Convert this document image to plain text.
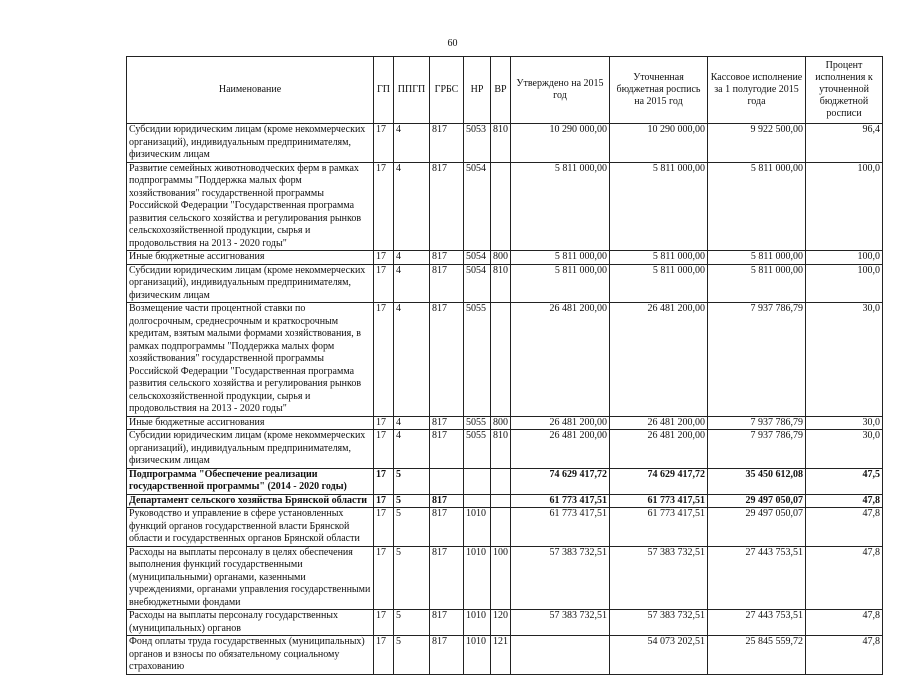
60
Наименование	ГП	ППГП	ГРБС	НР	ВР	Утверждено на 2015 год	Уточненная бюджетная роспись на 2015 год	Кассовое исполнение за 1 полугодие 2015 года	Процент исполнения к уточненной бюджетной росписи
Субсидии юридическим лицам (кроме некоммерческих организаций), индивидуальным предпринимателям, физическим лицам	17	4	817	5053	810	10 290 000,00	10 290 000,00	9 922 500,00	96,4
Развитие семейных животноводческих ферм в рамках подпрограммы "Поддержка малых форм хозяйствования" государственной программы Российской Федерации "Государственная программа развития сельского хозяйства и регулирования рынков сельскохозяйственной продукции, сырья и продовольствия на 2013 - 2020 годы"	17	4	817	5054		5 811 000,00	5 811 000,00	5 811 000,00	100,0
Иные бюджетные ассигнования	17	4	817	5054	800	5 811 000,00	5 811 000,00	5 811 000,00	100,0
Субсидии юридическим лицам (кроме некоммерческих организаций), индивидуальным предпринимателям, физическим лицам	17	4	817	5054	810	5 811 000,00	5 811 000,00	5 811 000,00	100,0
Возмещение части процентной ставки по долгосрочным, среднесрочным и краткосрочным кредитам, взятым малыми формами хозяйствования, в рамках подпрограммы "Поддержка малых форм хозяйствования" государственной программы Российской Федерации "Государственная программа развития сельского хозяйства и регулирования рынков сельскохозяйственной продукции, сырья и продовольствия на 2013 - 2020 годы"	17	4	817	5055		26 481 200,00	26 481 200,00	7 937 786,79	30,0
Иные бюджетные ассигнования	17	4	817	5055	800	26 481 200,00	26 481 200,00	7 937 786,79	30,0
Субсидии юридическим лицам (кроме некоммерческих организаций), индивидуальным предпринимателям, физическим лицам	17	4	817	5055	810	26 481 200,00	26 481 200,00	7 937 786,79	30,0
Подпрограмма "Обеспечение реализации государственной программы" (2014 - 2020 годы)	17	5				74 629 417,72	74 629 417,72	35 450 612,08	47,5
Департамент сельского хозяйства Брянской области	17	5	817			61 773 417,51	61 773 417,51	29 497 050,07	47,8
Руководство и управление в сфере установленных функций органов государственной власти Брянской области и государственных органов Брянской области	17	5	817	1010		61 773 417,51	61 773 417,51	29 497 050,07	47,8
Расходы на выплаты персоналу в целях обеспечения выполнения функций государственными (муниципальными) органами, казенными учреждениями, органами управления государственными внебюджетными фондами	17	5	817	1010	100	57 383 732,51	57 383 732,51	27 443 753,51	47,8
Расходы на выплаты персоналу государственных (муниципальных) органов	17	5	817	1010	120	57 383 732,51	57 383 732,51	27 443 753,51	47,8
Фонд оплаты труда государственных (муниципальных) органов и взносы по обязательному социальному страхованию	17	5	817	1010	121		54 073 202,51	25 845 559,72	47,8
